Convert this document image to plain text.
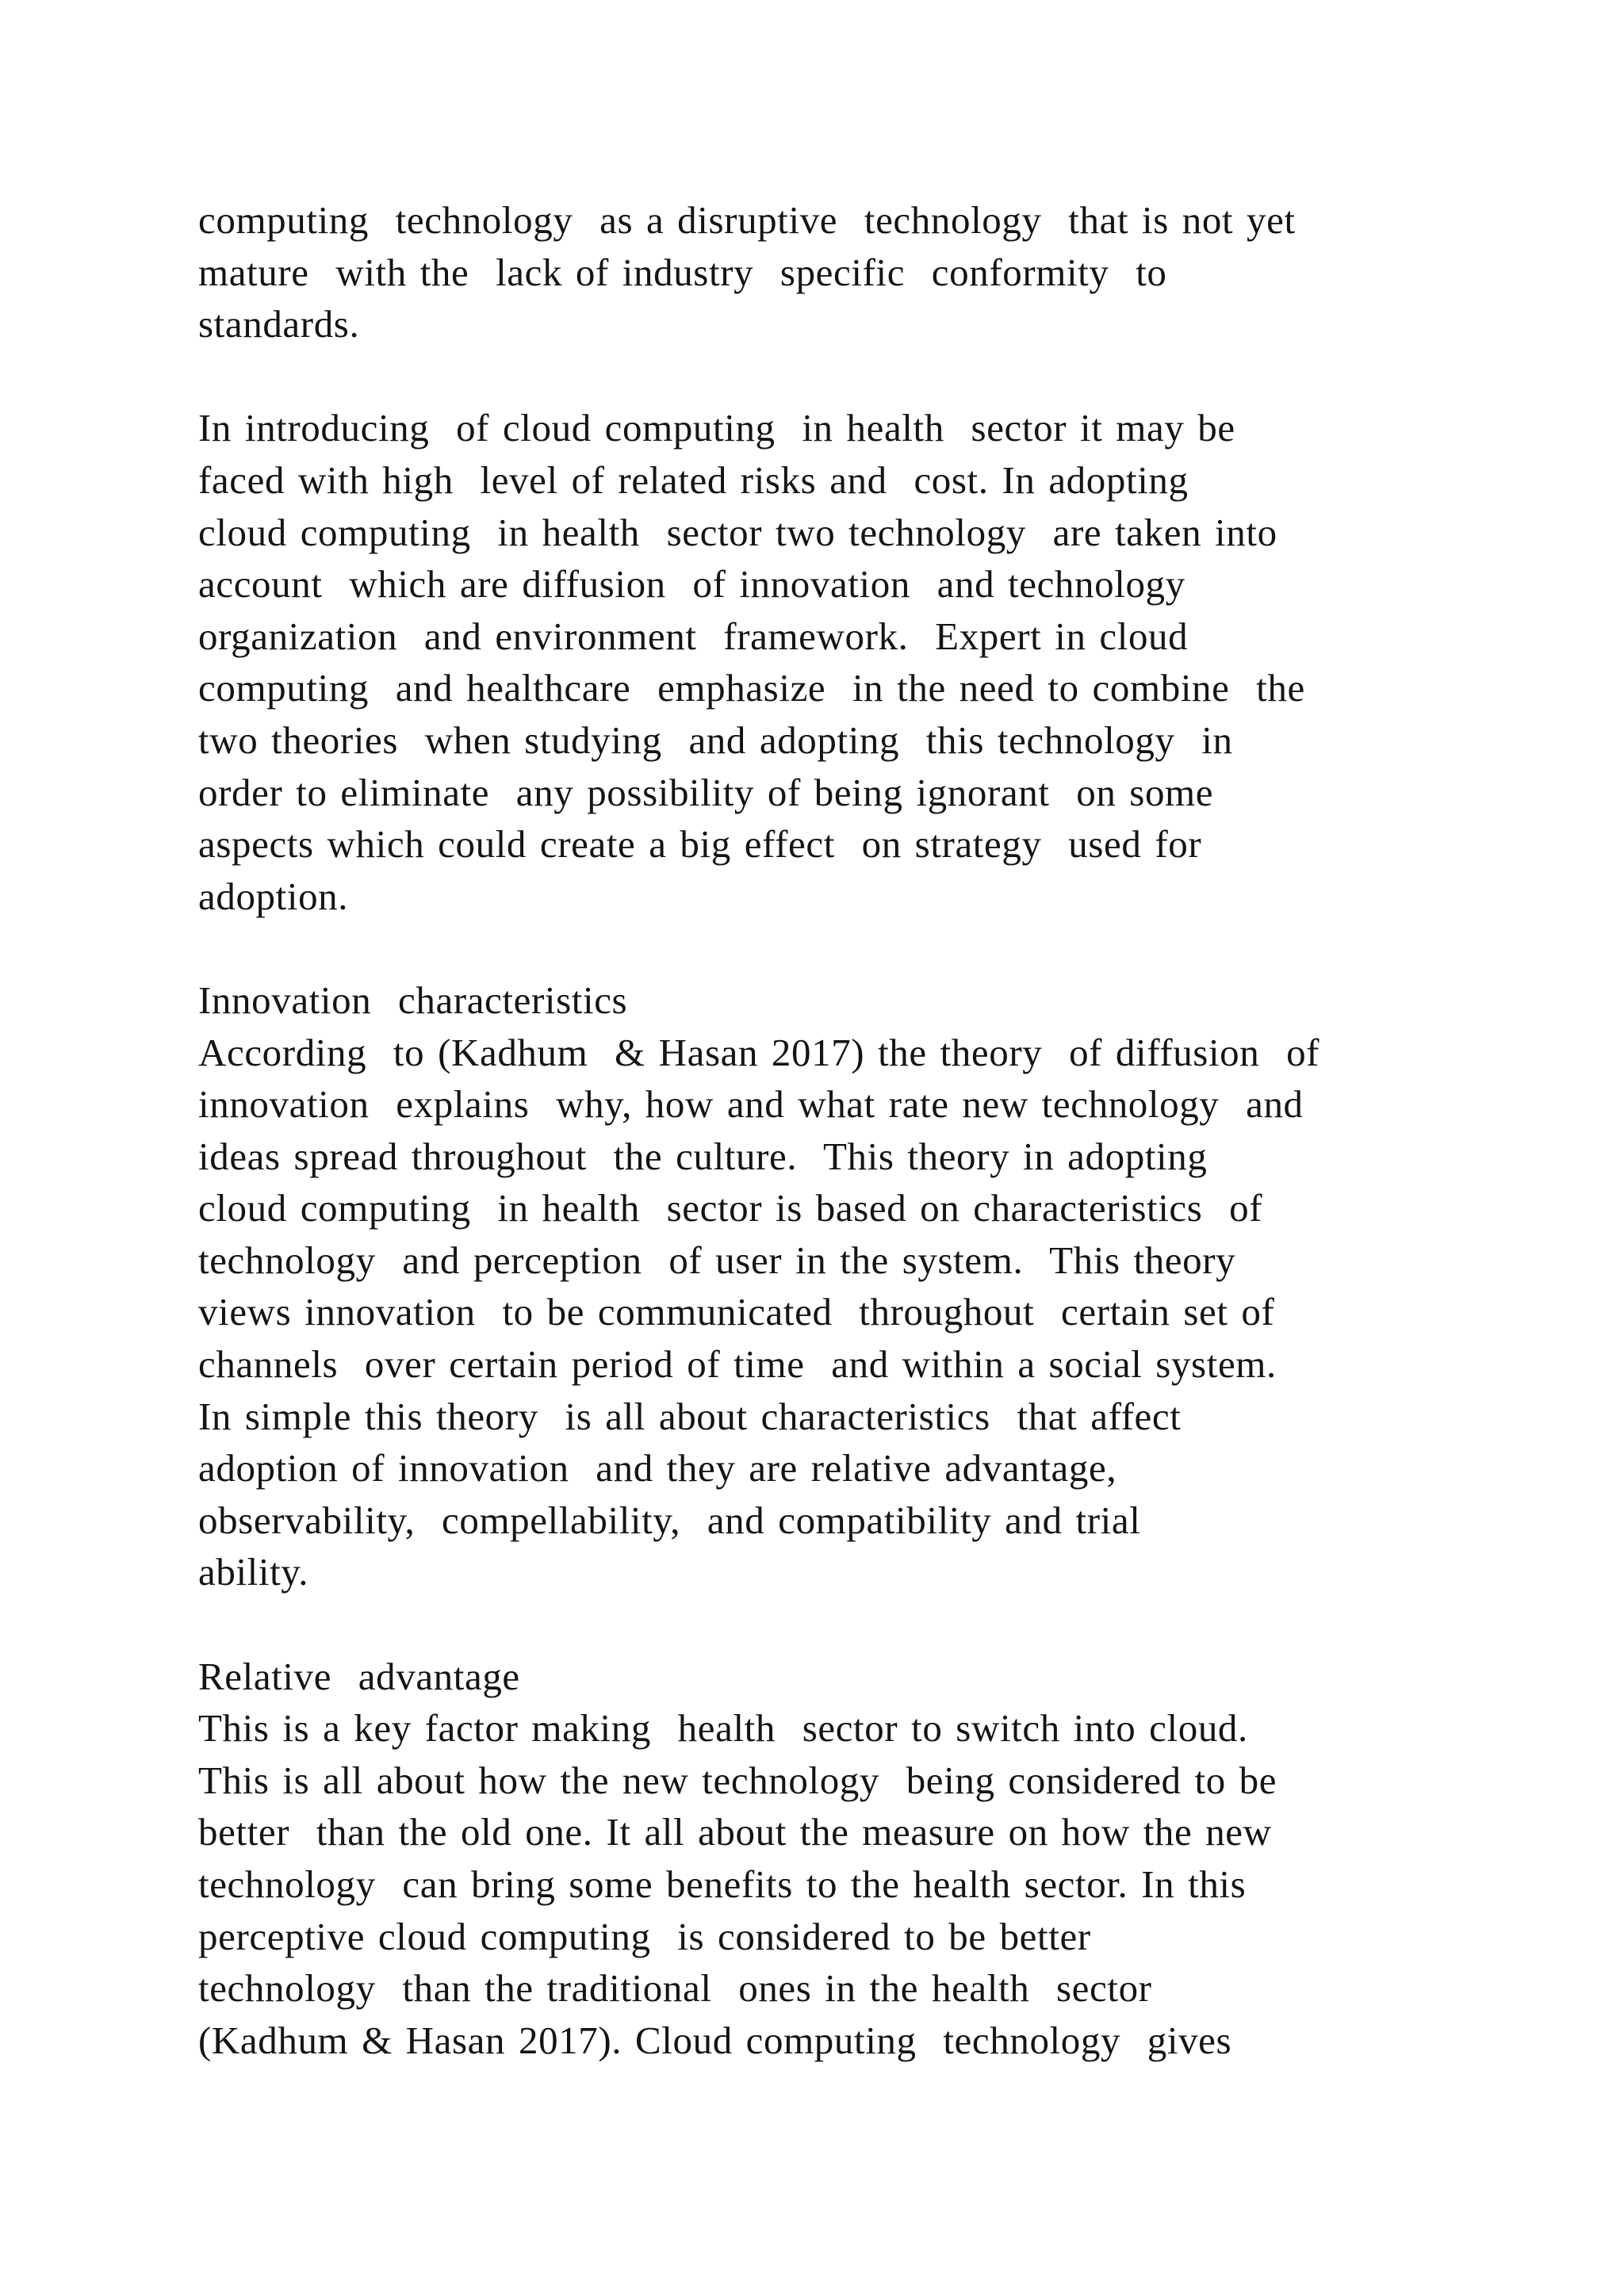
computing  technology  as a disruptive  technology  that is not yet
mature  with the  lack of industry  specific  conformity  to
standards.
In introducing  of cloud computing  in health  sector it may be
faced with high  level of related risks and  cost. In adopting
cloud computing  in health  sector two technology  are taken into
account  which are diffusion  of innovation  and technology
organization  and environment  framework.  Expert in cloud
computing  and healthcare  emphasize  in the need to combine  the
two theories  when studying  and adopting  this technology  in
order to eliminate  any possibility of being ignorant  on some
aspects which could create a big effect  on strategy  used for
adoption.
Innovation  characteristics
According  to (Kadhum  & Hasan 2017) the theory  of diffusion  of
innovation  explains  why, how and what rate new technology  and
ideas spread throughout  the culture.  This theory in adopting
cloud computing  in health  sector is based on characteristics  of
technology  and perception  of user in the system.  This theory
views innovation  to be communicated  throughout  certain set of
channels  over certain period of time  and within a social system.
In simple this theory  is all about characteristics  that affect
adoption of innovation  and they are relative advantage,
observability,  compellability,  and compatibility and trial
ability.
Relative  advantage
This is a key factor making  health  sector to switch into cloud.
This is all about how the new technology  being considered to be
better  than the old one. It all about the measure on how the new
technology  can bring some benefits to the health sector. In this
perceptive cloud computing  is considered to be better
technology  than the traditional  ones in the health  sector
(Kadhum & Hasan 2017). Cloud computing  technology  gives
